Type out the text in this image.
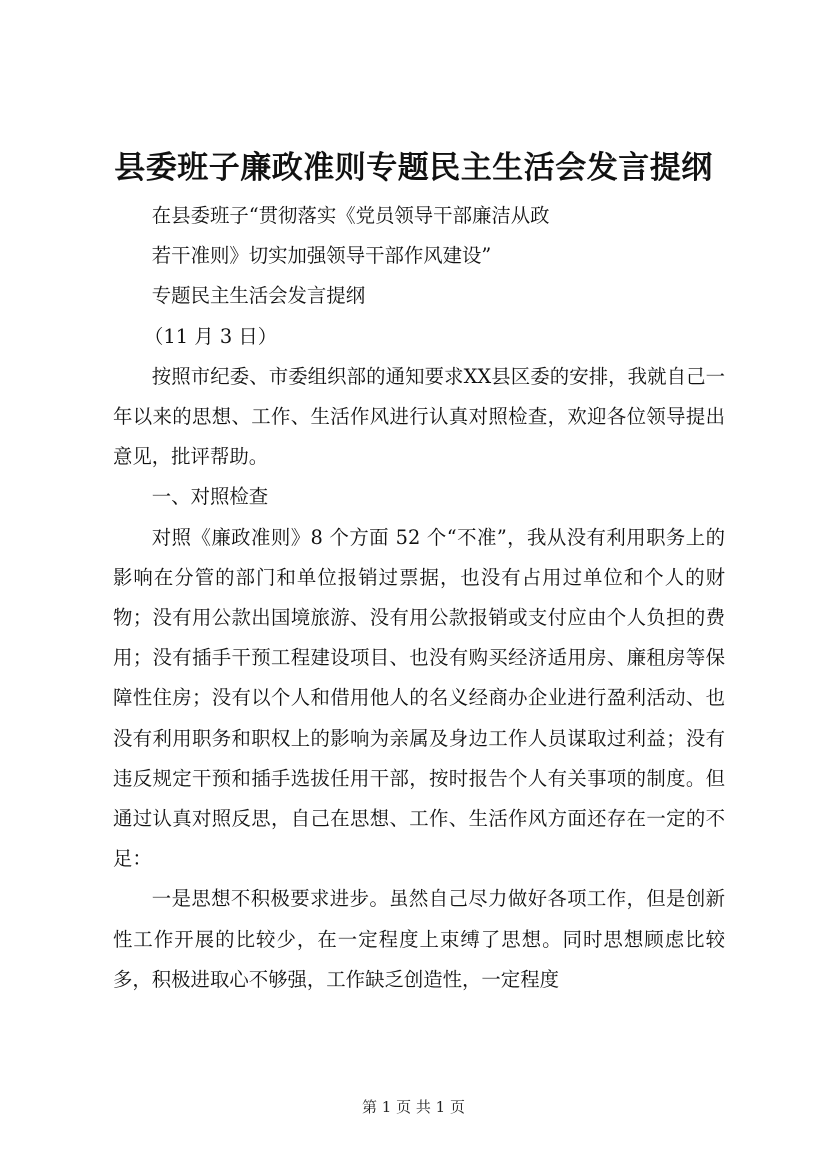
县委班子廉政准则专题民主生活会发言提纲

在县委班子“贯彻落实《党员领导干部廉洁从政

若干准则》切实加强领导干部作风建设”

专题民主生活会发言提纲

（11 月 3 日）

按照市纪委、市委组织部的通知要求XX县区委的安排，我就自己一年以来的思想、工作、生活作风进行认真对照检查，欢迎各位领导提出意见，批评帮助。

一、对照检查

对照《廉政准则》8 个方面 52 个“不准”，我从没有利用职务上的影响在分管的部门和单位报销过票据，也没有占用过单位和个人的财物；没有用公款出国境旅游、没有用公款报销或支付应由个人负担的费用；没有插手干预工程建设项目、也没有购买经济适用房、廉租房等保障性住房；没有以个人和借用他人的名义经商办企业进行盈利活动、也没有利用职务和职权上的影响为亲属及身边工作人员谋取过利益；没有违反规定干预和插手选拔任用干部，按时报告个人有关事项的制度。但通过认真对照反思，自己在思想、工作、生活作风方面还存在一定的不足：

一是思想不积极要求进步。虽然自己尽力做好各项工作，但是创新性工作开展的比较少，在一定程度上束缚了思想。同时思想顾虑比较多，积极进取心不够强，工作缺乏创造性，一定程度

第 1 页 共 1 页
